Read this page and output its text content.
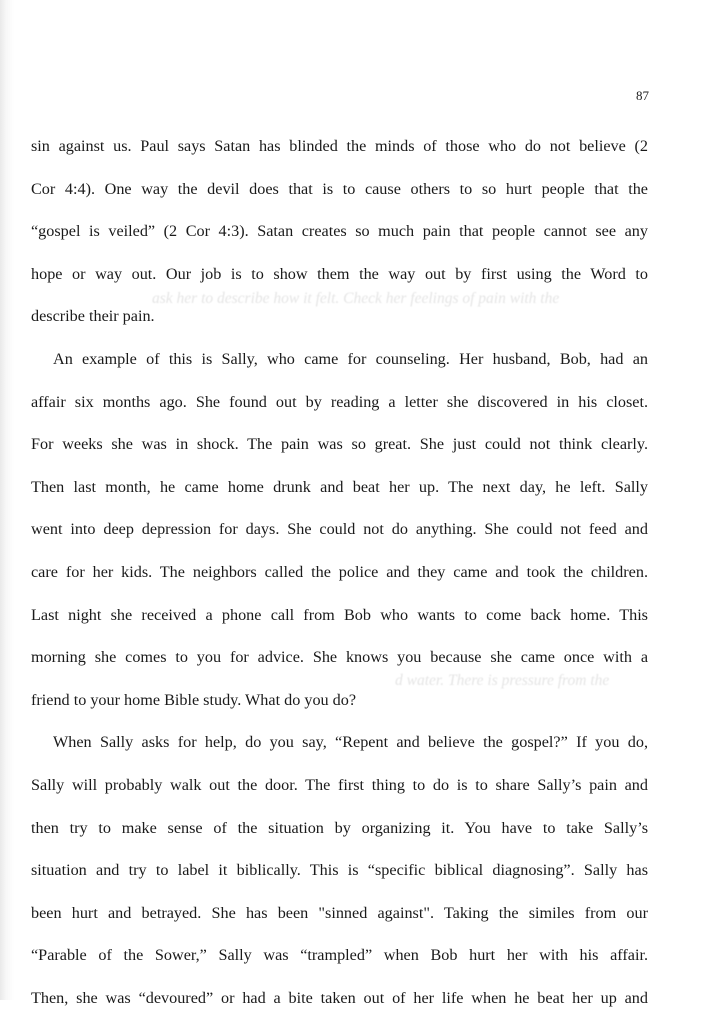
ask her to describe how it felt. Check her feelings of pain with the
d water. There is pressure from the
87
sin against us. Paul says Satan has blinded the minds of those who do not believe (2
Cor 4:4). One way the devil does that is to cause others to so hurt people that the
“gospel is veiled” (2 Cor 4:3). Satan creates so much pain that people cannot see any
hope or way out. Our job is to show them the way out by first using the Word to
describe their pain.
An example of this is Sally, who came for counseling. Her husband, Bob, had an
affair six months ago. She found out by reading a letter she discovered in his closet.
For weeks she was in shock. The pain was so great. She just could not think clearly.
Then last month, he came home drunk and beat her up. The next day, he left. Sally
went into deep depression for days. She could not do anything. She could not feed and
care for her kids. The neighbors called the police and they came and took the children.
Last night she received a phone call from Bob who wants to come back home. This
morning she comes to you for advice. She knows you because she came once with a
friend to your home Bible study. What do you do?
When Sally asks for help, do you say, “Repent and believe the gospel?” If you do,
Sally will probably walk out the door. The first thing to do is to share Sally’s pain and
then try to make sense of the situation by organizing it. You have to take Sally’s
situation and try to label it biblically. This is “specific biblical diagnosing”. Sally has
been hurt and betrayed. She has been "sinned against". Taking the similes from our
“Parable of the Sower,” Sally was “trampled” when Bob hurt her with his affair.
Then, she was “devoured” or had a bite taken out of her life when he beat her up and
